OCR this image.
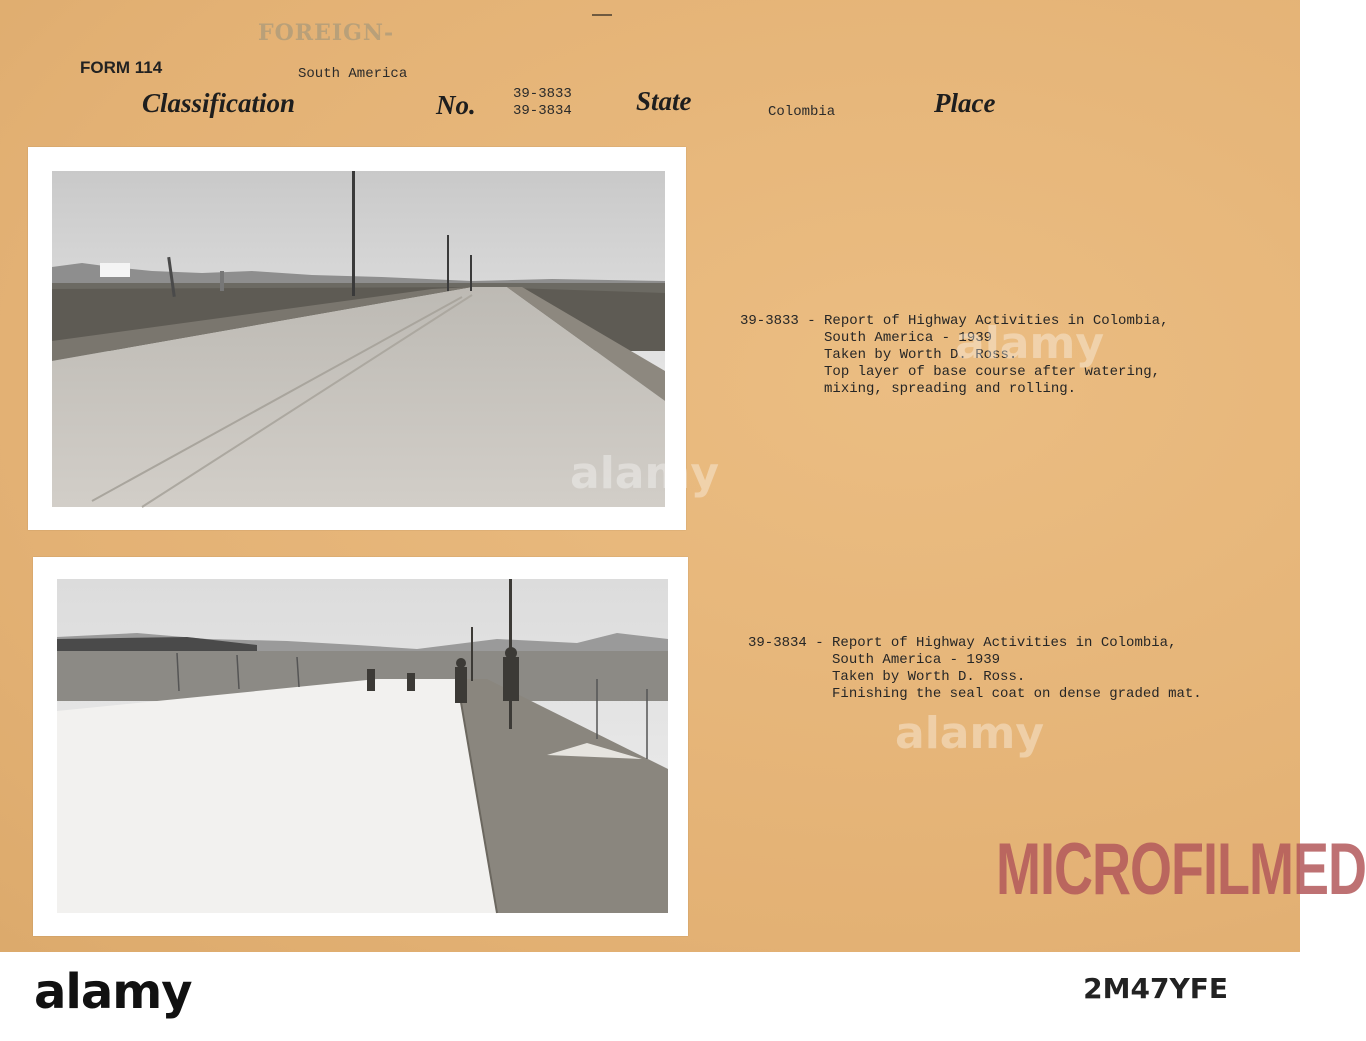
FOREIGN-
FORM 114	South America
Classification	No.	39-3833
39-3834 State	Colombia	Place
39-3833 - Report of Highway Activities in Colombia,
South America - 1939
Taken by Worth D. Ross.
Top layer of base course after watering,
mixing, spreading and rolling.
39-3834 - Report of Highway Activities in Colombia,
South America - 1939
Taken by Worth D. Ross.
Finishing the seal coat on dense graded mat.
MICROFILMED
alamy
alamy
alamy
alamy	2M47YFE
